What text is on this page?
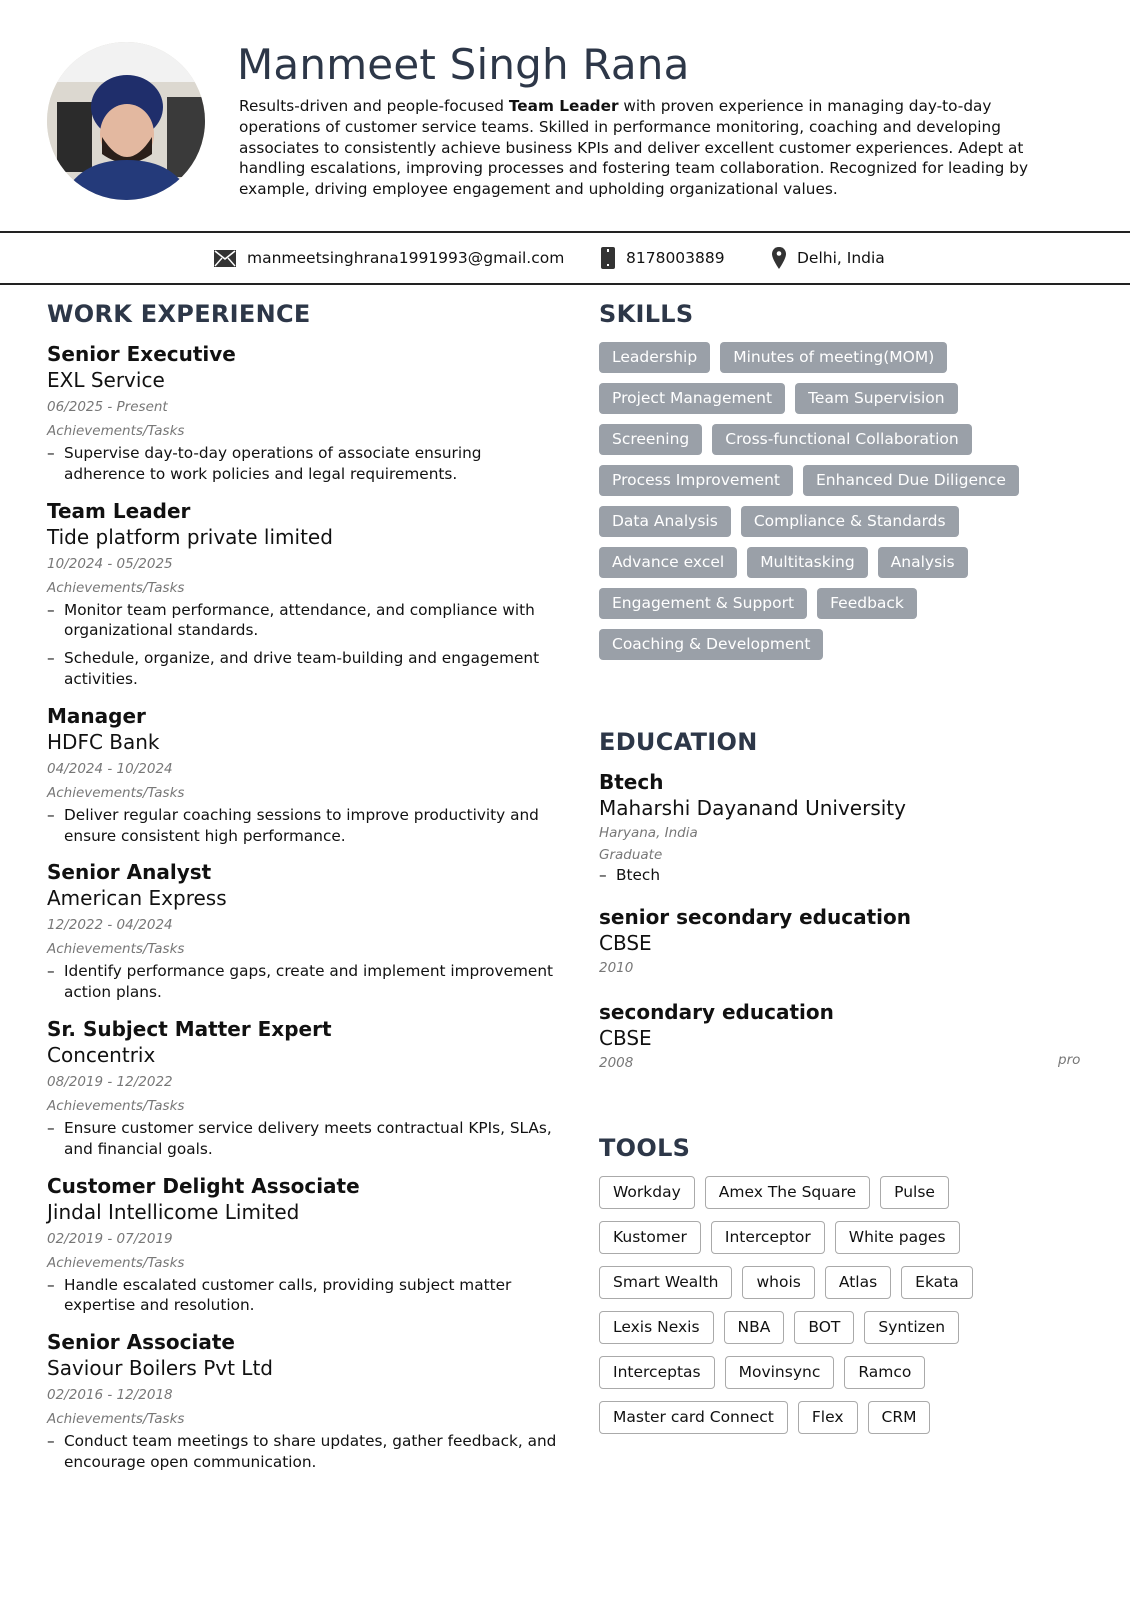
Manmeet Singh Rana

Results-driven and people-focused Team Leader with proven experience in managing day-to-day operations of customer service teams. Skilled in performance monitoring, coaching and developing associates to consistently achieve business KPIs and deliver excellent customer experiences. Adept at handling escalations, improving processes and fostering team collaboration. Recognized for leading by example, driving employee engagement and upholding organizational values.

manmeetsinghrana1991993@gmail.com	8178003889	Delhi, India
WORK EXPERIENCE
Senior Executive
EXL Service
06/2025 - Present
Achievements/Tasks
– Supervise day-to-day operations of associate ensuring adherence to work policies and legal requirements.
Team Leader
Tide platform private limited
10/2024 - 05/2025
Achievements/Tasks
– Monitor team performance, attendance, and compliance with organizational standards.
– Schedule, organize, and drive team-building and engagement activities.
Manager
HDFC Bank
04/2024 - 10/2024
Achievements/Tasks
– Deliver regular coaching sessions to improve productivity and ensure consistent high performance.
Senior Analyst
American Express
12/2022 - 04/2024
Achievements/Tasks
– Identify performance gaps, create and implement improvement action plans.
Sr. Subject Matter Expert
Concentrix
08/2019 - 12/2022
Achievements/Tasks
– Ensure customer service delivery meets contractual KPIs, SLAs, and financial goals.
Customer Delight Associate
Jindal Intellicome Limited
02/2019 - 07/2019
Achievements/Tasks
– Handle escalated customer calls, providing subject matter expertise and resolution.
Senior Associate
Saviour Boilers Pvt Ltd
02/2016 - 12/2018
Achievements/Tasks
– Conduct team meetings to share updates, gather feedback, and encourage open communication.
SKILLS
Leadership	Minutes of meeting(MOM)
Project Management	Team Supervision
Screening	Cross-functional Collaboration
Process Improvement	Enhanced Due Diligence
Data Analysis	Compliance & Standards
Advance excel	Multitasking	Analysis
Engagement & Support	Feedback
Coaching & Development
EDUCATION
Btech
Maharshi Dayanand University
Haryana, India
Graduate
– Btech
senior secondary education
CBSE
2010
secondary education
CBSE
2008
TOOLS
Workday	Amex The Square	Pulse
Kustomer	Interceptor	White pages
Smart Wealth	whois	Atlas	Ekata
Lexis Nexis	NBA	BOT	Syntizen
Interceptas	Movinsync	Ramco
Master card Connect	Flex	CRM
pro
